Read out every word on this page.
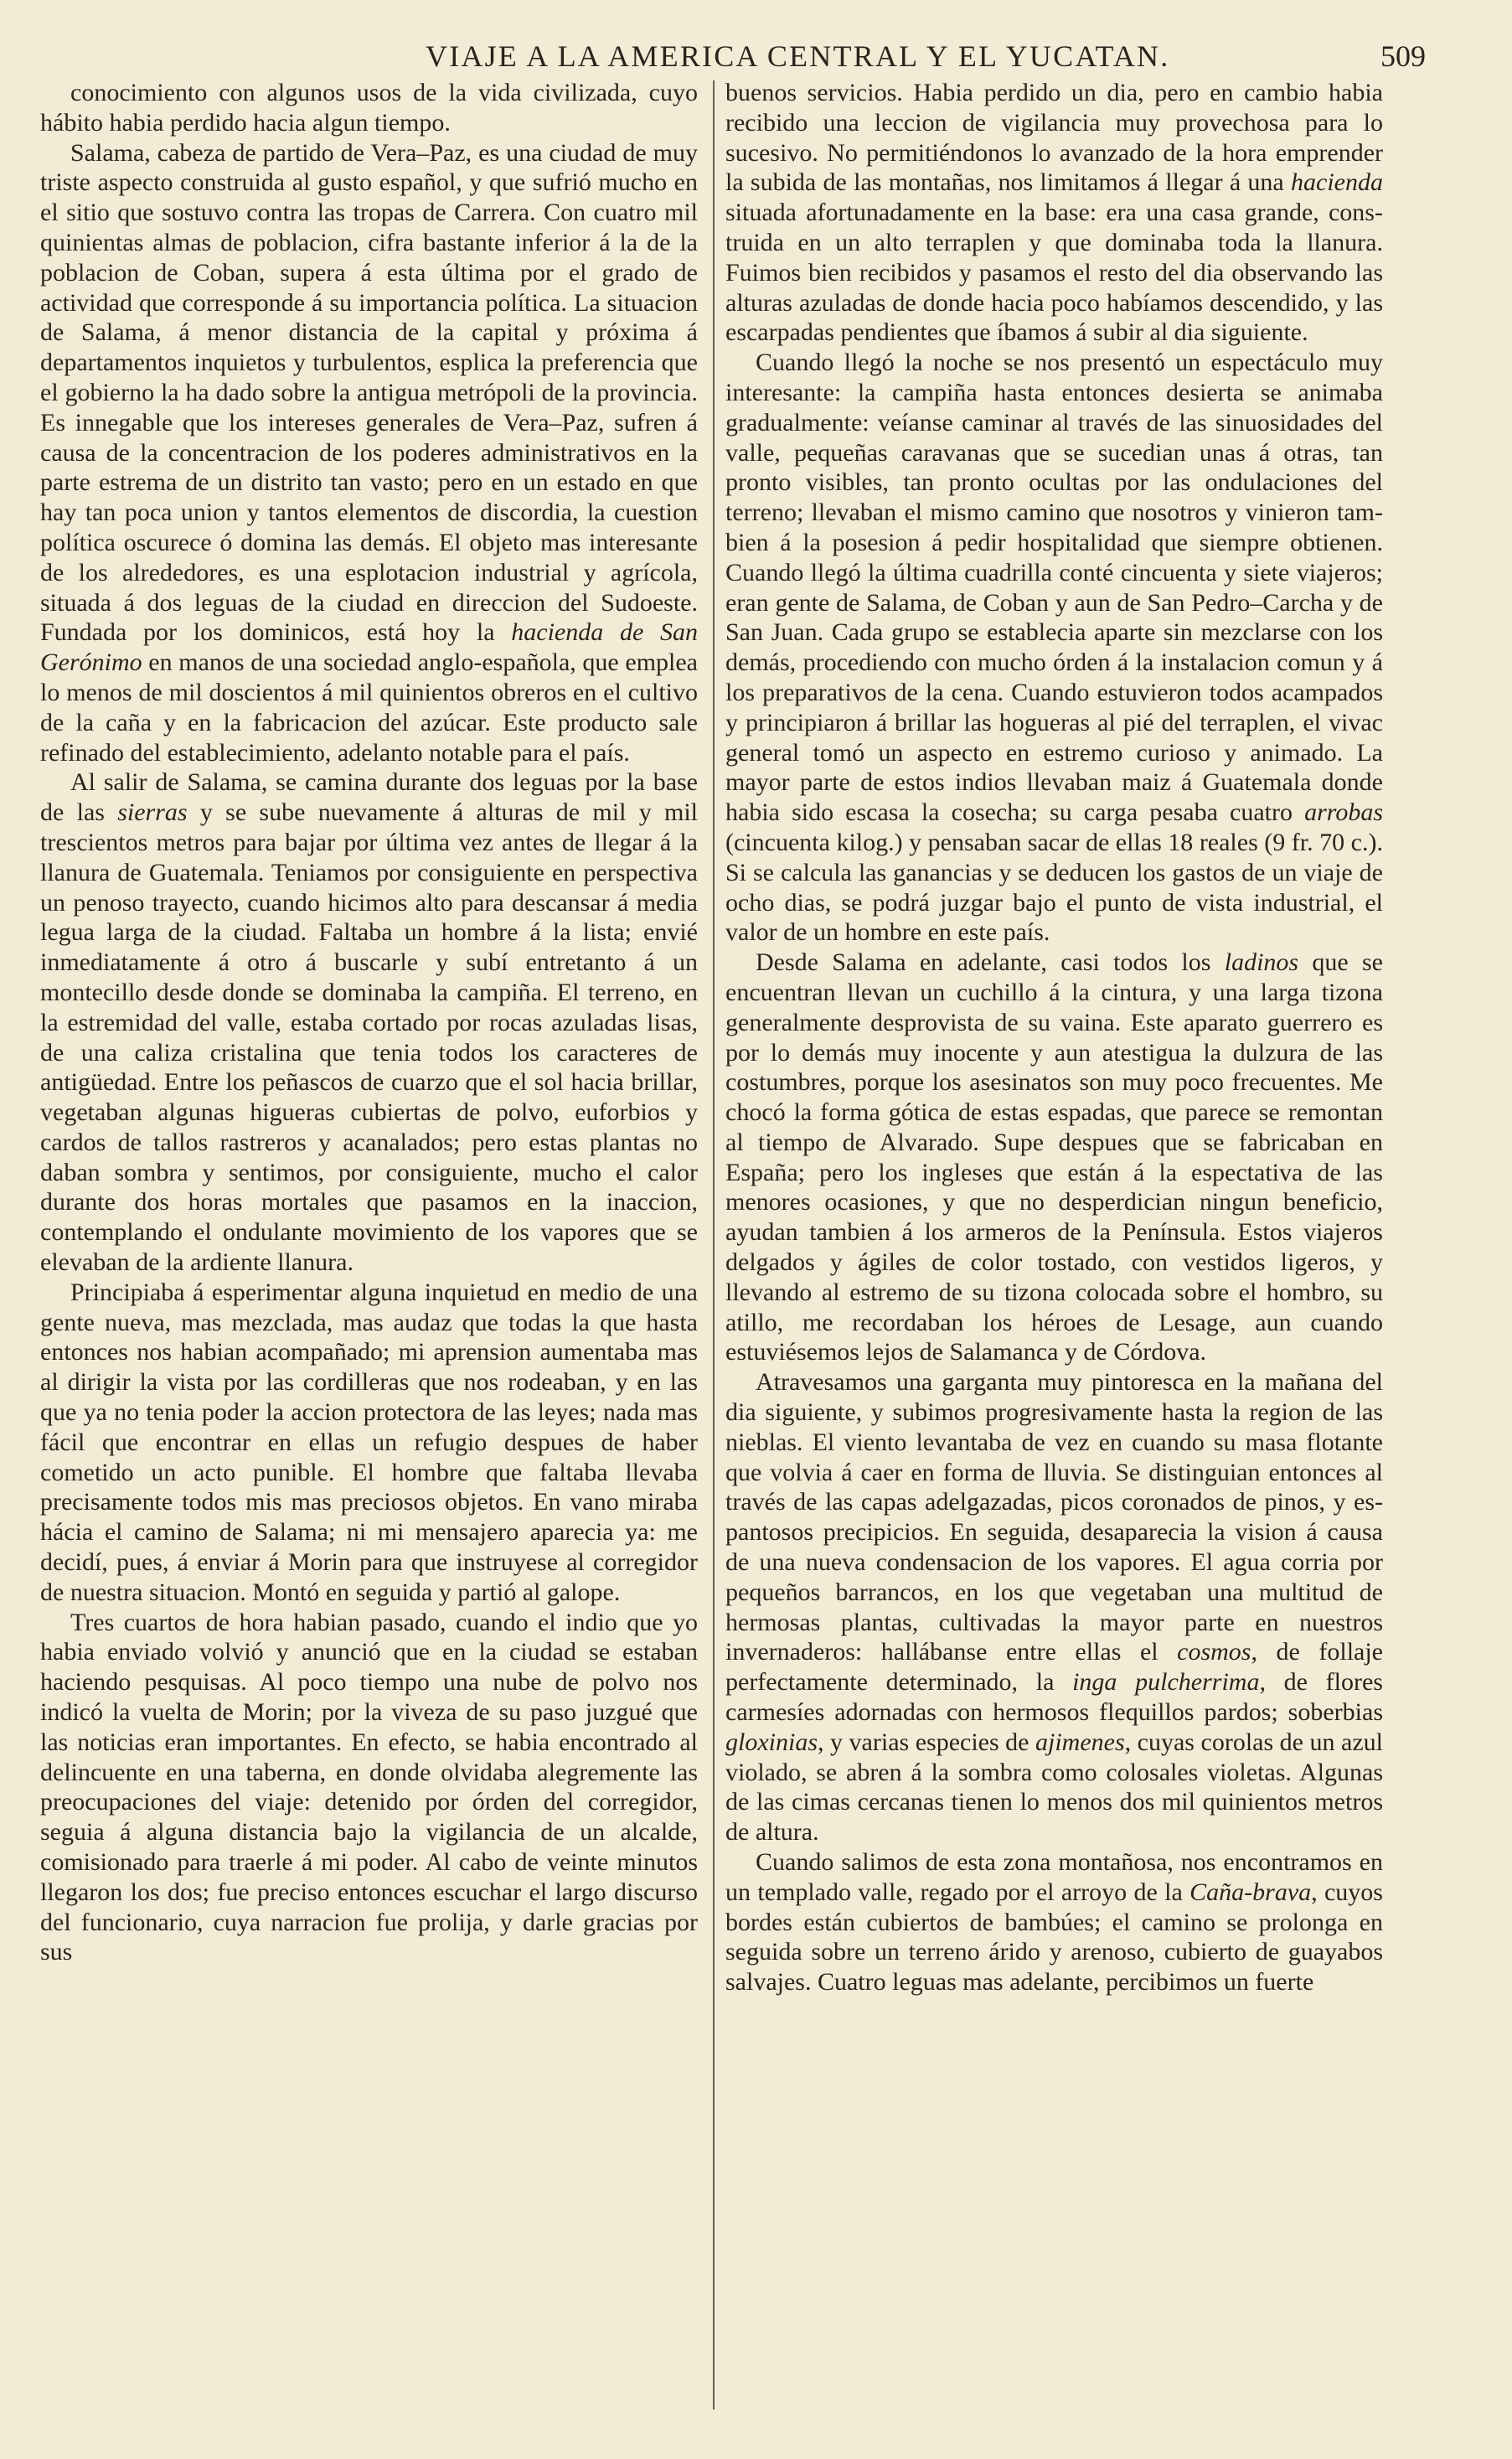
VIAJE A LA AMERICA CENTRAL Y EL YUCATAN.	509

conocimiento con algunos usos de la vida civilizada, cuyo hábito habia perdido hacia algun tiempo.

Salama, cabeza de partido de Vera–Paz, es una ciudad de muy triste aspecto construida al gusto español, y que sufrió mucho en el sitio que sostuvo contra las tropas de Carrera. Con cuatro mil quinientas almas de poblacion, cifra bastante inferior á la de la poblacion de Coban, supera á esta última por el grado de actividad que corresponde á su importancia política. La situacion de Salama, á menor distancia de la capital y próxima á departamentos inquietos y turbulentos, esplica la preferencia que el gobierno la ha dado sobre la antigua metrópoli de la provincia. Es innegable que los intereses generales de Vera–Paz, sufren á causa de la concentracion de los poderes administrativos en la parte estrema de un distrito tan vasto; pero en un estado en que hay tan poca union y tantos elementos de discordia, la cuestion política oscurece ó domina las demás. El objeto mas interesante de los alrededores, es una esplotacion industrial y agrícola, situada á dos leguas de la ciudad en direccion del Sudoeste. Fundada por los dominicos, está hoy la hacienda de San Gerónimo en manos de una sociedad anglo-española, que emplea lo menos de mil doscientos á mil quinientos obreros en el cultivo de la caña y en la fabricacion del azúcar. Este producto sale refinado del establecimiento, adelanto notable para el país.

Al salir de Salama, se camina durante dos leguas por la base de las sierras y se sube nuevamente á alturas de mil y mil trescientos metros para bajar por última vez antes de llegar á la llanura de Guatemala. Teniamos por consiguiente en perspectiva un penoso trayecto, cuando hicimos alto para descansar á media legua larga de la ciudad. Faltaba un hombre á la lista; envié inmediatamente á otro á buscarle y subí entretanto á un montecillo desde donde se dominaba la campiña. El terreno, en la estremidad del valle, estaba cortado por rocas azuladas lisas, de una caliza cristalina que tenia todos los caracteres de antigüedad. Entre los peñascos de cuarzo que el sol hacia brillar, vegetaban algunas higueras cubiertas de polvo, euforbios y cardos de tallos rastreros y acanalados; pero estas plantas no daban sombra y sentimos, por consiguiente, mucho el calor durante dos horas mortales que pasamos en la inaccion, contemplando el ondulante movimiento de los vapores que se elevaban de la ardiente llanura.

Principiaba á esperimentar alguna inquietud en medio de una gente nueva, mas mezclada, mas audaz que todas la que hasta entonces nos habian acompañado; mi aprension aumentaba mas al dirigir la vista por las cordilleras que nos rodeaban, y en las que ya no tenia poder la accion protectora de las leyes; nada mas fácil que encontrar en ellas un refugio despues de haber cometido un acto punible. El hombre que faltaba llevaba precisamente todos mis mas preciosos objetos. En vano miraba hácia el camino de Salama; ni mi mensajero aparecia ya: me decidí, pues, á enviar á Morin para que instruyese al corregidor de nuestra situacion. Montó en seguida y partió al galope.

Tres cuartos de hora habian pasado, cuando el indio que yo habia enviado volvió y anunció que en la ciudad se estaban haciendo pesquisas. Al poco tiempo una nube de polvo nos indicó la vuelta de Morin; por la viveza de su paso juzgué que las noticias eran importantes. En efecto, se habia encontrado al delincuente en una taberna, en donde olvidaba alegremente las preocupaciones del viaje: detenido por órden del corregidor, seguia á alguna distancia bajo la vigilancia de un alcalde, comisionado para traerle á mi poder. Al cabo de veinte minutos llegaron los dos; fue preciso entonces escuchar el largo discurso del funcionario, cuya narracion fue prolija, y darle gracias por sus

buenos servicios. Habia perdido un dia, pero en cambio habia recibido una leccion de vigilancia muy provechosa para lo sucesivo. No permitiéndonos lo avanzado de la hora emprender la subida de las montañas, nos limitamos á llegar á una hacienda situada afortunadamente en la base: era una casa grande, construida en un alto terraplen y que dominaba toda la llanura. Fuimos bien recibidos y pasamos el resto del dia observando las alturas azuladas de donde hacia poco habíamos descendido, y las escarpadas pendientes que íbamos á subir al dia siguiente.

Cuando llegó la noche se nos presentó un espectáculo muy interesante: la campiña hasta entonces desierta se animaba gradualmente: veíanse caminar al través de las sinuosidades del valle, pequeñas caravanas que se sucedian unas á otras, tan pronto visibles, tan pronto ocultas por las ondulaciones del terreno; llevaban el mismo camino que nosotros y vinieron tambien á la posesion á pedir hospitalidad que siempre obtienen. Cuando llegó la última cuadrilla conté cincuenta y siete viajeros; eran gente de Salama, de Coban y aun de San Pedro–Carcha y de San Juan. Cada grupo se establecia aparte sin mezclarse con los demás, procediendo con mucho órden á la instalacion comun y á los preparativos de la cena. Cuando estuvieron todos acampados y principiaron á brillar las hogueras al pié del terraplen, el vivac general tomó un aspecto en estremo curioso y animado. La mayor parte de estos indios llevaban maiz á Guatemala donde habia sido escasa la cosecha; su carga pesaba cuatro arrobas (cincuenta kilog.) y pensaban sacar de ellas 18 reales (9 fr. 70 c.). Si se calcula las ganancias y se deducen los gastos de un viaje de ocho dias, se podrá juzgar bajo el punto de vista industrial, el valor de un hombre en este país.

Desde Salama en adelante, casi todos los ladinos que se encuentran llevan un cuchillo á la cintura, y una larga tizona generalmente desprovista de su vaina. Este aparato guerrero es por lo demás muy inocente y aun atestigua la dulzura de las costumbres, porque los asesinatos son muy poco frecuentes. Me chocó la forma gótica de estas espadas, que parece se remontan al tiempo de Alvarado. Supe despues que se fabricaban en España; pero los ingleses que están á la espectativa de las menores ocasiones, y que no desperdician ningun beneficio, ayudan tambien á los armeros de la Península. Estos viajeros delgados y ágiles de color tostado, con vestidos ligeros, y llevando al estremo de su tizona colocada sobre el hombro, su atillo, me recordaban los héroes de Lesage, aun cuando estuviésemos lejos de Salamanca y de Córdova.

Atravesamos una garganta muy pintoresca en la mañana del dia siguiente, y subimos progresivamente hasta la region de las nieblas. El viento levantaba de vez en cuando su masa flotante que volvia á caer en forma de lluvia. Se distinguian entonces al través de las capas adelgazadas, picos coronados de pinos, y espantosos precipicios. En seguida, desaparecia la vision á causa de una nueva condensacion de los vapores. El agua corria por pequeños barrancos, en los que vegetaban una multitud de hermosas plantas, cultivadas la mayor parte en nuestros invernaderos: hallábanse entre ellas el cosmos, de follaje perfectamente determinado, la inga pulcherrima, de flores carmesíes adornadas con hermosos flequillos pardos; soberbias gloxinias, y varias especies de ajimenes, cuyas corolas de un azul violado, se abren á la sombra como colosales violetas. Algunas de las cimas cercanas tienen lo menos dos mil quinientos metros de altura.

Cuando salimos de esta zona montañosa, nos encontramos en un templado valle, regado por el arroyo de la Caña-brava, cuyos bordes están cubiertos de bambúes; el camino se prolonga en seguida sobre un terreno árido y arenoso, cubierto de guayabos salvajes. Cuatro leguas mas adelante, percibimos un fuerte
